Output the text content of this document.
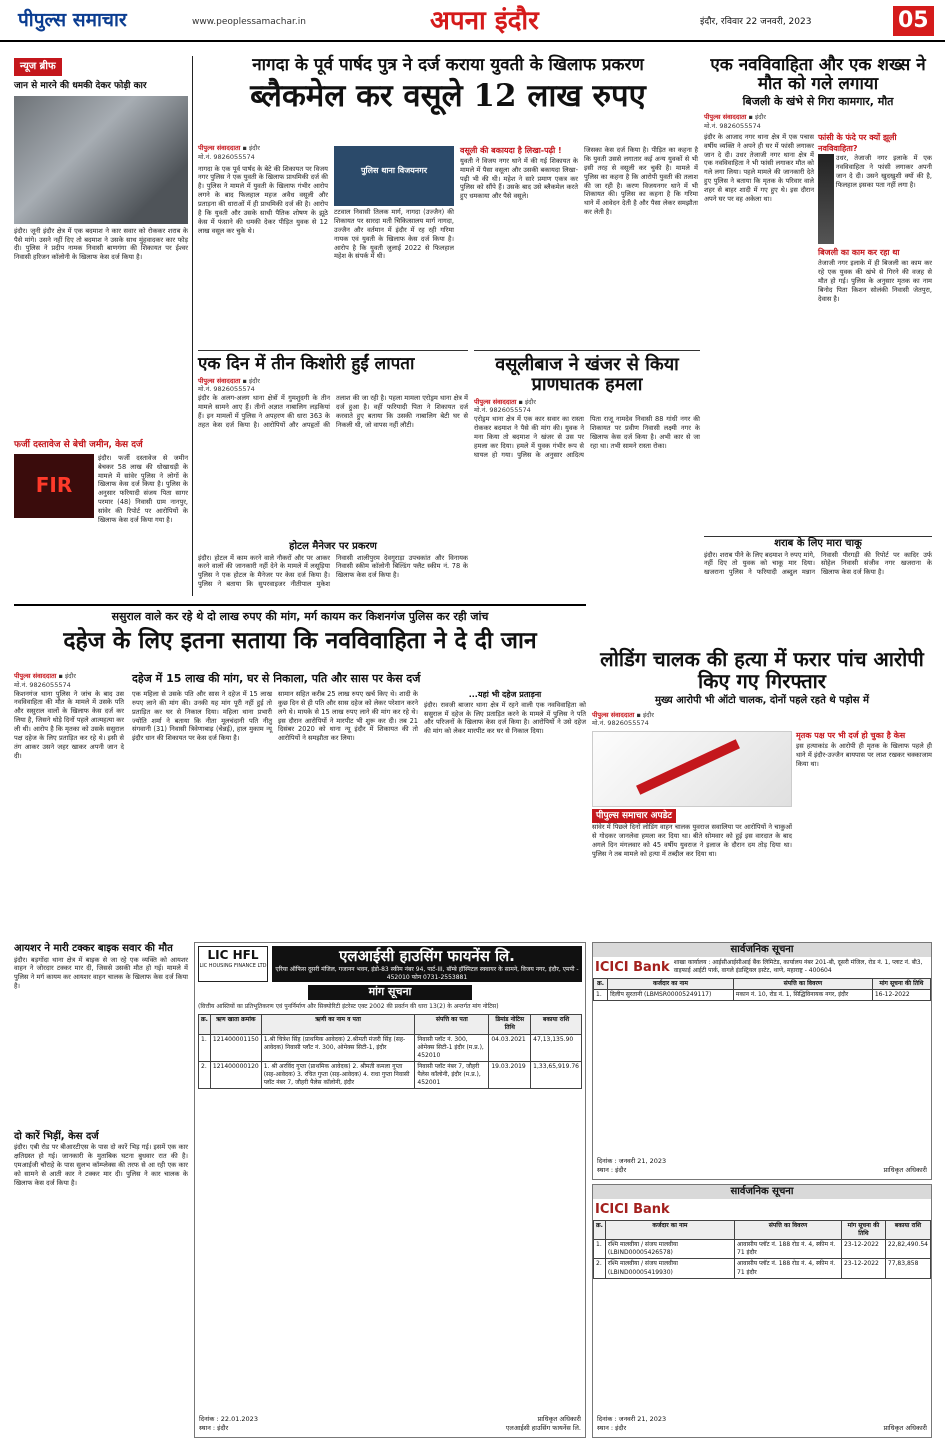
पीपुल्स समाचार	www.peoplessamachar.in	अपना इंदौर	इंदौर, रविवार 22 जनवरी, 2023	05
न्यूज ब्रीफ
जान से मारने की धमकी देकर फोड़ी कार
इंदौर। जूनी इंदौर क्षेत्र में एक बदमाश ने कार सवार को रोककर शराब के पैसे मांगे। उसने नहीं दिए तो बदमाश ने उसके साथ मुंहवादकर कार फोड़ दी। पुलिस ने प्रदीप नामक निवासी बाणगंगा की शिकायत पर ईश्वर निवासी हरिजन कॉलोनी के खिलाफ केस दर्ज किया है।
फर्जी दस्तावेज से बेची जमीन, केस दर्ज
FIR
इंदौर। फर्जी दस्तावेज से जमीन बेचकर 58 लाख की धोखाधड़ी के मामले में सांवेर पुलिस ने लोगों के खिलाफ केस दर्ज किया है। पुलिस के अनुसार फरियादी संजय पिता सागर परमार (48) निवासी ग्राम नानपुर, सांवेर की रिपोर्ट पर आरोपियों के खिलाफ केस दर्ज किया गया है।
नागदा के पूर्व पार्षद पुत्र ने दर्ज कराया युवती के खिलाफ प्रकरण
ब्लैकमेल कर वसूले 12 लाख रुपए
पीपुल्स संवाददाता ▪ इंदौर
मो.नं. 9826055574
नागदा के एक पूर्व पार्षद के बेटे की शिकायत पर विजय नगर पुलिस ने एक युवती के खिलाफ प्राथमिकी दर्ज की है। पुलिस ने मामले में युवती के खिलाफ गंभीर आरोप लगने के बाद फिलहाल महज अवैध वसूली और प्रताड़ना की धाराओं में ही प्राथमिकी दर्ज की है। आरोप है कि युवती और उसके साथी पैतिक शोषण के झूठे केस में फंसाने की धमकी देकर पीड़ित युवक से 12 लाख वसूल कर चुके थे।
पुलिस थाना विजयनगर
टटवाल निवासी तिलक मार्ग, नागदा (उज्जैन) की शिकायत पर सारदा मती चिकित्सालय मार्ग नागदा, उज्जैन और वर्तमान में इंदौर में रह रही गरिमा नायक एवं युवती के खिलाफ केस दर्ज किया है। आरोप है कि युवती जुलाई 2022 से फिलहाल महेश के संपर्क में थी।
वसूली की बकायदा है लिखा-पढ़ी !
युवती ने विजय नगर थाने में की गई शिकायत के मामले में पैसा वसूला और उसकी बकायदा लिखा-पढ़ी भी की थी। महेश ने सारे प्रमाण एकत्र कर पुलिस को सौंपे हैं। उसके बाद उसे ब्लैकमेल करते हुए धमकाया और पैसे वसूले।
जिसका केस दर्ज किया है। पीड़ित का कहना है कि युवती उससे लगातार कई अन्य युवकों से भी इसी तरह से वसूली कर चुकी है। मामले में पुलिस का कहना है कि आरोपी युवती की तलाश की जा रही है। करण विजयनगर थाने में भी शिकायत की। पुलिस का कहना है कि गरिमा थाने में आवेदन देती है और पैसा लेकर समझौता कर लेती है।
एक नवविवाहिता और एक शख्स ने मौत को गले लगाया
बिजली के खंभे से गिरा कामगार, मौत
पीपुल्स संवाददाता ▪ इंदौर
मो.नं. 9826055574
इंदौर के आजाद नगर थाना क्षेत्र में एक पचास वर्षीय व्यक्ति ने अपने ही घर में फांसी लगाकर जान दे दी। उधर तेजाजी नगर थाना क्षेत्र में एक नवविवाहिता ने भी फांसी लगाकर मौत को गले लगा लिया। पहले मामले की जानकारी देते हुए पुलिस ने बताया कि मृतक के परिवार वाले शहर से बाहर शादी में गए हुए थे। इस दौरान अपने घर पर वह अकेला था।
फांसी के फंदे पर क्यों झूली नवविवाहिता?
उधर, तेजाजी नगर इलाके में एक नवविवाहिता ने फांसी लगाकर अपनी जान दे दी। उसने खुदखुशी क्यों की है, फिलहाल इसका पता नहीं लगा है।
बिजली का काम कर रहा था
तेजाजी नगर इलाके में ही बिजली का काम कर रहे एक युवक की खंभे से गिरने की वजह से मौत हो गई। पुलिस के अनुसार मृतक का नाम बिनोद पिता किशन सोलंकी निवासी जेतपुरा, देवास है।
एक दिन में तीन किशोरी हुईं लापता
पीपुल्स संवाददाता ▪ इंदौर
मो.नं. 9826055574
इंदौर के अलग-अलग थाना क्षेत्रों में गुमशुदगी के तीन मामले सामने आए हैं। तीनों अज्ञात नाबालिग लड़कियां हैं। इन मामलों में पुलिस ने अपहरण की धारा 363 के तहत केस दर्ज किया है। आरोपियों और अपहृतों की तलाश की जा रही है। पहला मामला एरोड्रम थाना क्षेत्र में दर्ज हुआ है। वहीं फरियादी पिता ने शिकायत दर्ज करवाते हुए बताया कि उसकी नाबालिग बेटी घर से निकली थी, जो वापस नहीं लौटी।
होटल मैनेजर पर प्रकरण
इंदौर। होटल में काम करने वाले नौकरों और पर आकर करने वालों की जानकारी नहीं देने के मामले में लसूड़िया पुलिस ने एक होटल के मैनेजर पर केस दर्ज किया है। पुलिस ने बताया कि सुपरवाइजर नीतीपाल मुकेश निवासी शालीपुरम देवगुराड़ा उपचकांत और विनायक निवासी स्कीम कॉलोनी बिल्डिंग फ्लैट स्कीम नं. 78 के खिलाफ केस दर्ज किया है।
वसूलीबाज ने खंजर से किया प्राणघातक हमला
पीपुल्स संवाददाता ▪ इंदौर
मो.नं. 9826055574
एरोड्रम थाना क्षेत्र में एक कार सवार का रास्ता रोककर बदमाश ने पैसे की मांग की। युवक ने मना किया तो बदमाश ने खंजर से उस पर हमला कर दिया। हमले में युवक गंभीर रूप से घायल हो गया। पुलिस के अनुसार आदित्य पिता राजू नामदेव निवासी 88 गांधी नगर की शिकायत पर प्रवीण निवासी लक्ष्मी नगर के खिलाफ केस दर्ज किया है। अभी कार से जा रहा था। तभी सामने रास्ता रोका।
शराब के लिए मारा चाकू
इंदौर। शराब पीने के लिए बदमाश ने रुपए मांगे, नहीं दिए तो युवक को चाकू मार दिया। खजराना पुलिस ने फरियादी अब्दुल मन्नान निवासी पीरगड़ी की रिपोर्ट पर कादिर उर्फ सोहेल निवासी संजीव नगर खजराना के खिलाफ केस दर्ज किया है।
ससुराल वाले कर रहे थे दो लाख रुपए की मांग, मर्ग कायम कर किशनगंज पुलिस कर रही जांच
दहेज के लिए इतना सताया कि नवविवाहिता ने दे दी जान
पीपुल्स संवाददाता ▪ इंदौर
मो.नं. 9826055574
किशनगंज थाना पुलिस ने जांच के बाद उस नवविवाहिता की मौत के मामले में उसके पति और ससुराल वालों के खिलाफ केस दर्ज कर लिया है, जिसने थोड़े दिनों पहले आत्महत्या कर ली थी। आरोप है कि मृतका को उसके ससुराल पक्ष दहेज के लिए प्रताड़ित कर रहे थे। इसी से तंग आकर उसने जहर खाकर अपनी जान दे दी।
दहेज में 15 लाख की मांग, घर से निकाला, पति और सास पर केस दर्ज
एक महिला से उसके पति और सास ने दहेज में 15 लाख रुपए लाने की मांग की। उनकी यह मांग पूरी नहीं हुई तो प्रताड़ित कर घर से निकाल दिया। महिला थाना प्रभारी ज्योति शर्मा ने बताया कि नीता मूलचंदानी पति नीतु संगवानी (31) निवासी त्रिवेणाबाढ़ (चेन्नई), हाल मुकाम न्यू इंदौर धान की शिकायत पर केस दर्ज किया है।
सामान सहित करीब 25 लाख रुपए खर्च किए थे। शादी के कुछ दिन से ही पति और सास दहेज को लेकर परेशान करने लगे थे। मायके से 15 लाख रुपए लाने की मांग कर रहे थे। इस दौरान आरोपियों ने मारपीट भी शुरू कर दी। तब 21 दिसंबर 2020 को थाना न्यू इंदौर में शिकायत की तो आरोपियों ने समझौता कर लिया।
...यहां भी दहेज प्रताड़ना
इंदौर। रावजी बाजार थाना क्षेत्र में रहने वाली एक नवविवाहिता को ससुराल में दहेज के लिए प्रताड़ित करने के मामले में पुलिस ने पति और परिजनों के खिलाफ केस दर्ज किया है। आरोपियों ने उसे दहेज की मांग को लेकर मारपीट कर घर से निकाल दिया।
लोडिंग चालक की हत्या में फरार पांच आरोपी किए गए गिरफ्तार
मुख्य आरोपी भी ऑटो चालक, दोनों पहले रहते थे पड़ोस में
पीपुल्स संवाददाता ▪ इंदौर
मो.नं. 9826055574
पीपुल्स समाचार अपडेट
सांवेर में पिछले दिनों लोडिंग वाहन चालक युवराज सवालिया पर आरोपियों ने चाकुओं से गोदकर जानलेवा हमला कर दिया था। बीते सोमवार को हुई इस वारदात के बाद अगले दिन मंगलवार को 45 वर्षीय युवराज ने इलाज के दौरान दम तोड़ दिया था। पुलिस ने तब मामले को हत्या में तब्दील कर दिया था।
मृतक पक्ष पर भी दर्ज हो चुका है केस
इस हत्याकांड के आरोपी ही मृतक के खिलाफ पहले ही थाने में इंदौर-उज्जैन बायपास पर लाश रखकर चक्काजाम किया था।
आयशर ने मारी टक्कर बाइक सवार की मौत
इंदौर। बड़गोंदा थाना क्षेत्र में बाइक से जा रहे एक व्यक्ति को आयशर वाहन ने जोरदार टक्कर मार दी, जिससे उसकी मौत हो गई। मामले में पुलिस ने मर्ग कायम कर आयशर वाहन चालक के खिलाफ केस दर्ज किया है।
दो कारें भिड़ीं, केस दर्ज
इंदौर। एबी रोड पर बीआरटीएस के पास दो कारें भिड़ गई। इसमें एक कार क्षतिग्रस्त हो गई। जानकारी के मुताबिक घटना बुधवार रात की है। एमआईजी चौराहे के पास सुलभ कॉम्प्लेक्स की तरफ से आ रही एक कार को सामने से आती कार ने टक्कर मार दी। पुलिस ने कार चालक के खिलाफ केस दर्ज किया है।
LIC HFL
LIC HOUSING FINANCE LTD
एलआईसी हाउसिंग फायनेंस लि.
एरिया ऑफिस दूसरी मंजिल, गजानन भवन, इंडो-83 स्कीम नंबर 94, पार्ट-III, बॉम्बे हॉस्पिटल स्क्वायर के सामने, विजय नगर, इंदौर, एमपी - 452010 फोन 0731-2553881
मांग सूचना
(वित्तीय आस्तियों का प्रतिभूतिकरण एवं पुनर्निर्माण और सिक्योरिटी इंटरेस्ट एक्ट 2002 की प्रवर्तन की धारा 13(2) के अन्तर्गत मांग नोटिस)
क्र.	ऋण खाता क्रमांक	ऋणी का नाम व पता	संपत्ति का पता	डिमांड नोटिस तिथि	बकाया राशि
1.	121400001150	1.श्री चित्रेश सिंह (प्राथमिक आवेदक) 2.श्रीमती मंजरी सिंह (सह-आवेदक) निवासी प्लॉट नं. 300, ओमेक्स सिटी-1, इंदौर	निवासी प्लॉट नं. 300, ओमेक्स सिटी-1 इंदौर (म.प्र.), 452010	04.03.2021	47,13,135.90
2.	121400000120	1. श्री अरविंद गुप्ता (प्राथमिक आवेदक) 2. श्रीमती कमला गुप्ता (सह-आवेदक) 3. रचित गुप्ता (सह-आवेदक) 4. राधा गुप्ता निवासी प्लॉट नंबर 7, जौहरी पैलेस कॉलोनी, इंदौर	निवासी प्लॉट नंबर 7, जौहरी पैलेस कॉलोनी, इंदौर (म.प्र.), 452001	19.03.2019	1,33,65,919.76
दिनांक : 22.01.2023
स्थान : इंदौर
प्राधिकृत अधिकारी
एलआईसी हाउसिंग फायनेंस लि.
सार्वजनिक सूचना
ICICI Bank शाखा कार्यालय : आईसीआईसीआई बैंक लिमिटेड, कार्यालय नंबर 201-बी, दूसरी मंजिल, रोड नं. 1, प्लाट नं. बी3, वाइफाई आईटी पार्क, वागले इंडस्ट्रियल इस्टेट, थाणे, महाराष्ट्र - 400604
क्र.	कर्जदार का नाम	संपत्ति का विवरण	मांग सूचना की तिथि
1.	दिलीप सुरतानी (LBMSR00005249117)	मकान नं. 10, रोड नं. 1, सिद्धिविनायक नगर, इंदौर	16-12-2022
दिनांक : जनवरी 21, 2023
स्थान : इंदौर	प्राधिकृत अधिकारी
सार्वजनिक सूचना
ICICI Bank
क्र.	कर्जदार का नाम	संपत्ति का विवरण	मांग सूचना की तिथि	बकाया राशि
1.	रश्मि मालवीया / संजय मालवीया (LBIND00005426578)	आवासीय प्लॉट नं. 188 रोड नं. 4, स्कीम नं. 71 इंदौर	23-12-2022	22,82,490.54
2.	रश्मि मालवीया / संजय मालवीया (LBIND00005419930)	आवासीय प्लॉट नं. 188 रोड नं. 4, स्कीम नं. 71 इंदौर	23-12-2022	77,83,858
दिनांक : जनवरी 21, 2023
स्थान : इंदौर	प्राधिकृत अधिकारी
